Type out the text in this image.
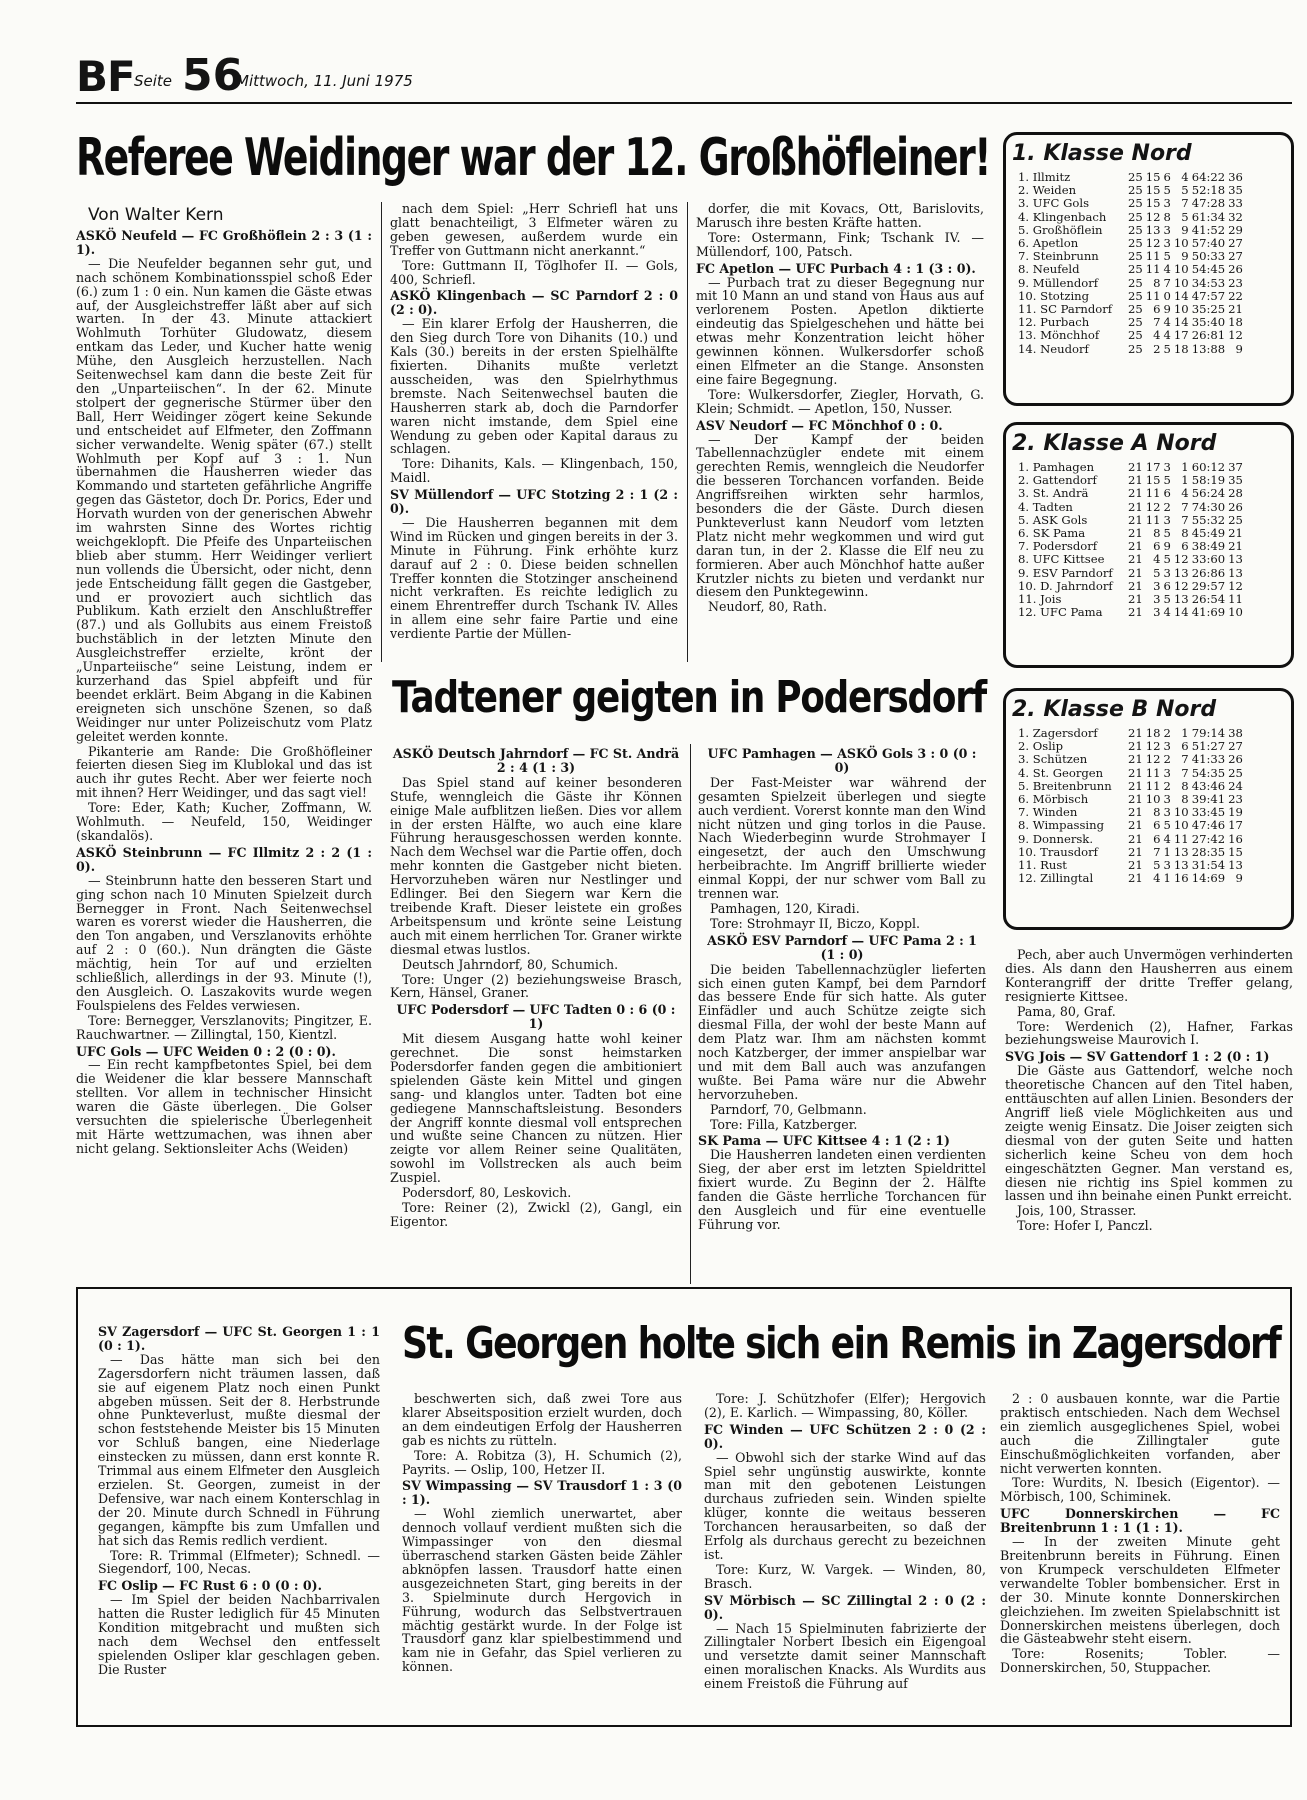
BF Seite 56
Mittwoch, 11. Juni 1975
Referee Weidinger war der 12. Großhöfleiner!

Von Walter Kern

ASKÖ Neufeld — FC Großhöflein 2 : 3 (1 : 1).

— Die Neufelder begannen sehr gut, und nach schönem Kombinationsspiel schoß Eder (6.) zum 1 : 0 ein. Nun kamen die Gäste etwas auf, der Ausgleichstreffer läßt aber auf sich warten. In der 43. Minute attackiert Wohlmuth Torhüter Gludowatz, diesem entkam das Leder, und Kucher hatte wenig Mühe, den Ausgleich herzustellen. Nach Seitenwechsel kam dann die beste Zeit für den „Unparteiischen“. In der 62. Minute stolpert der gegnerische Stürmer über den Ball, Herr Weidinger zögert keine Sekunde und entscheidet auf Elfmeter, den Zoffmann sicher verwandelte. Wenig später (67.) stellt Wohlmuth per Kopf auf 3 : 1. Nun übernahmen die Hausherren wieder das Kommando und starteten gefährliche Angriffe gegen das Gästetor, doch Dr. Porics, Eder und Horvath wurden von der generischen Abwehr im wahrsten Sinne des Wortes richtig weichgeklopft. Die Pfeife des Unparteiischen blieb aber stumm. Herr Weidinger verliert nun vollends die Übersicht, oder nicht, denn jede Entscheidung fällt gegen die Gastgeber, und er provoziert auch sichtlich das Publikum. Kath erzielt den Anschlußtreffer (87.) und als Gollubits aus einem Freistoß buchstäblich in der letzten Minute den Ausgleichstreffer erzielte, krönt der „Unparteiische“ seine Leistung, indem er kurzerhand das Spiel abpfeift und für beendet erklärt. Beim Abgang in die Kabinen ereigneten sich unschöne Szenen, so daß Weidinger nur unter Polizeischutz vom Platz geleitet werden konnte.

Pikanterie am Rande: Die Großhöfleiner feierten diesen Sieg im Klublokal und das ist auch ihr gutes Recht. Aber wer feierte noch mit ihnen? Herr Weidinger, und das sagt viel!

Tore: Eder, Kath; Kucher, Zoffmann, W. Wohlmuth. — Neufeld, 150, Weidinger (skandalös).

ASKÖ Steinbrunn — FC Illmitz 2 : 2 (1 : 0).

— Steinbrunn hatte den besseren Start und ging schon nach 10 Minuten Spielzeit durch Bernegger in Front. Nach Seitenwechsel waren es vorerst wieder die Hausherren, die den Ton angaben, und Verszlanovits erhöhte auf 2 : 0 (60.). Nun drängten die Gäste mächtig, hein Tor auf und erzielten schließlich, allerdings in der 93. Minute (!), den Ausgleich. O. Laszakovits wurde wegen Foulspielens des Feldes verwiesen.

Tore: Bernegger, Verszlanovits; Pingitzer, E. Rauchwartner. — Zillingtal, 150, Kientzl.

UFC Gols — UFC Weiden 0 : 2 (0 : 0).

— Ein recht kampfbetontes Spiel, bei dem die Weidener die klar bessere Mannschaft stellten. Vor allem in technischer Hinsicht waren die Gäste überlegen. Die Golser versuchten die spielerische Überlegenheit mit Härte wettzumachen, was ihnen aber nicht gelang. Sektionsleiter Achs (Weiden)

nach dem Spiel: „Herr Schriefl hat uns glatt benachteiligt, 3 Elfmeter wären zu geben gewesen, außerdem wurde ein Treffer von Guttmann nicht anerkannt.“

Tore: Guttmann II, Töglhofer II. — Gols, 400, Schriefl.

ASKÖ Klingenbach — SC Parndorf 2 : 0 (2 : 0).

— Ein klarer Erfolg der Hausherren, die den Sieg durch Tore von Dihanits (10.) und Kals (30.) bereits in der ersten Spielhälfte fixierten. Dihanits mußte verletzt ausscheiden, was den Spielrhythmus bremste. Nach Seitenwechsel bauten die Hausherren stark ab, doch die Parndorfer waren nicht imstande, dem Spiel eine Wendung zu geben oder Kapital daraus zu schlagen.

Tore: Dihanits, Kals. — Klingenbach, 150, Maidl.

SV Müllendorf — UFC Stotzing 2 : 1 (2 : 0).

— Die Hausherren begannen mit dem Wind im Rücken und gingen bereits in der 3. Minute in Führung. Fink erhöhte kurz darauf auf 2 : 0. Diese beiden schnellen Treffer konnten die Stotzinger anscheinend nicht verkraften. Es reichte lediglich zu einem Ehrentreffer durch Tschank IV. Alles in allem eine sehr faire Partie und eine verdiente Partie der Müllen-

dorfer, die mit Kovacs, Ott, Barislovits, Marusch ihre besten Kräfte hatten.

Tore: Ostermann, Fink; Tschank IV. — Müllendorf, 100, Patsch.

FC Apetlon — UFC Purbach 4 : 1 (3 : 0).

— Purbach trat zu dieser Begegnung nur mit 10 Mann an und stand von Haus aus auf verlorenem Posten. Apetlon diktierte eindeutig das Spielgeschehen und hätte bei etwas mehr Konzentration leicht höher gewinnen können. Wulkersdorfer schoß einen Elfmeter an die Stange. Ansonsten eine faire Begegnung.

Tore: Wulkersdorfer, Ziegler, Horvath, G. Klein; Schmidt. — Apetlon, 150, Nusser.

ASV Neudorf — FC Mönchhof 0 : 0.

— Der Kampf der beiden Tabellennachzügler endete mit einem gerechten Remis, wenngleich die Neudorfer die besseren Torchancen vorfanden. Beide Angriffsreihen wirkten sehr harmlos, besonders die der Gäste. Durch diesen Punkteverlust kann Neudorf vom letzten Platz nicht mehr wegkommen und wird gut daran tun, in der 2. Klasse die Elf neu zu formieren. Aber auch Mönchhof hatte außer Krutzler nichts zu bieten und verdankt nur diesem den Punktegewinn.

Neudorf, 80, Rath.

1. Klasse Nord
1. Illmitz	25	15	6	4	64:22	36
2. Weiden	25	15	5	5	52:18	35
3. UFC Gols	25	15	3	7	47:28	33
4. Klingenbach	25	12	8	5	61:34	32
5. Großhöflein	25	13	3	9	41:52	29
6. Apetlon	25	12	3	10	57:40	27
7. Steinbrunn	25	11	5	9	50:33	27
8. Neufeld	25	11	4	10	54:45	26
9. Müllendorf	25	8	7	10	34:53	23
10. Stotzing	25	11	0	14	47:57	22
11. SC Parndorf	25	6	9	10	35:25	21
12. Purbach	25	7	4	14	35:40	18
13. Mönchhof	25	4	4	17	26:81	12
14. Neudorf	25	2	5	18	13:88	9
2. Klasse A Nord
1. Pamhagen	21	17	3	1	60:12	37
2. Gattendorf	21	15	5	1	58:19	35
3. St. Andrä	21	11	6	4	56:24	28
4. Tadten	21	12	2	7	74:30	26
5. ASK Gols	21	11	3	7	55:32	25
6. SK Pama	21	8	5	8	45:49	21
7. Podersdorf	21	6	9	6	38:49	21
8. UFC Kittsee	21	4	5	12	33:60	13
9. ESV Parndorf	21	5	3	13	26:86	13
10. D. Jahrndorf	21	3	6	12	29:57	12
11. Jois	21	3	5	13	26:54	11
12. UFC Pama	21	3	4	14	41:69	10
2. Klasse B Nord
1. Zagersdorf	21	18	2	1	79:14	38
2. Oslip	21	12	3	6	51:27	27
3. Schützen	21	12	2	7	41:33	26
4. St. Georgen	21	11	3	7	54:35	25
5. Breitenbrunn	21	11	2	8	43:46	24
6. Mörbisch	21	10	3	8	39:41	23
7. Winden	21	8	3	10	33:45	19
8. Wimpassing	21	6	5	10	47:46	17
9. Donnersk.	21	6	4	11	27:42	16
10. Trausdorf	21	7	1	13	28:35	15
11. Rust	21	5	3	13	31:54	13
12. Zillingtal	21	4	1	16	14:69	9
Tadtener geigten in Podersdorf

ASKÖ Deutsch Jahrndorf — FC St. Andrä 2 : 4 (1 : 3)

Das Spiel stand auf keiner besonderen Stufe, wenngleich die Gäste ihr Können einige Male aufblitzen ließen. Dies vor allem in der ersten Hälfte, wo auch eine klare Führung herausgeschossen werden konnte. Nach dem Wechsel war die Partie offen, doch mehr konnten die Gastgeber nicht bieten. Hervorzuheben wären nur Nestlinger und Edlinger. Bei den Siegern war Kern die treibende Kraft. Dieser leistete ein großes Arbeitspensum und krönte seine Leistung auch mit einem herrlichen Tor. Graner wirkte diesmal etwas lustlos.

Deutsch Jahrndorf, 80, Schumich.

Tore: Unger (2) beziehungsweise Brasch, Kern, Hänsel, Graner.

UFC Podersdorf — UFC Tadten 0 : 6 (0 : 1)

Mit diesem Ausgang hatte wohl keiner gerechnet. Die sonst heimstarken Podersdorfer fanden gegen die ambitioniert spielenden Gäste kein Mittel und gingen sang- und klanglos unter. Tadten bot eine gediegene Mannschaftsleistung. Besonders der Angriff konnte diesmal voll entsprechen und wußte seine Chancen zu nützen. Hier zeigte vor allem Reiner seine Qualitäten, sowohl im Vollstrecken als auch beim Zuspiel.

Podersdorf, 80, Leskovich.

Tore: Reiner (2), Zwickl (2), Gangl, ein Eigentor.

UFC Pamhagen — ASKÖ Gols 3 : 0 (0 : 0)

Der Fast-Meister war während der gesamten Spielzeit überlegen und siegte auch verdient. Vorerst konnte man den Wind nicht nützen und ging torlos in die Pause. Nach Wiederbeginn wurde Strohmayer I eingesetzt, der auch den Umschwung herbeibrachte. Im Angriff brillierte wieder einmal Koppi, der nur schwer vom Ball zu trennen war.

Pamhagen, 120, Kiradi.

Tore: Strohmayr II, Biczo, Koppl.

ASKÖ ESV Parndorf — UFC Pama 2 : 1 (1 : 0)

Die beiden Tabellennachzügler lieferten sich einen guten Kampf, bei dem Parndorf das bessere Ende für sich hatte. Als guter Einfädler und auch Schütze zeigte sich diesmal Filla, der wohl der beste Mann auf dem Platz war. Ihm am nächsten kommt noch Katzberger, der immer anspielbar war und mit dem Ball auch was anzufangen wußte. Bei Pama wäre nur die Abwehr hervorzuheben.

Parndorf, 70, Gelbmann.

Tore: Filla, Katzberger.

SK Pama — UFC Kittsee 4 : 1 (2 : 1)

Die Hausherren landeten einen verdienten Sieg, der aber erst im letzten Spieldrittel fixiert wurde. Zu Beginn der 2. Hälfte fanden die Gäste herrliche Torchancen für den Ausgleich und für eine eventuelle Führung vor.

Pech, aber auch Unvermögen verhinderten dies. Als dann den Hausherren aus einem Konterangriff der dritte Treffer gelang, resignierte Kittsee.

Pama, 80, Graf.

Tore: Werdenich (2), Hafner, Farkas beziehungsweise Maurovich I.

SVG Jois — SV Gattendorf 1 : 2 (0 : 1)

Die Gäste aus Gattendorf, welche noch theoretische Chancen auf den Titel haben, enttäuschten auf allen Linien. Besonders der Angriff ließ viele Möglichkeiten aus und zeigte wenig Einsatz. Die Joiser zeigten sich diesmal von der guten Seite und hatten sicherlich keine Scheu von dem hoch eingeschätzten Gegner. Man verstand es, diesen nie richtig ins Spiel kommen zu lassen und ihn beinahe einen Punkt erreicht.

Jois, 100, Strasser.

Tore: Hofer I, Panczl.

SV Zagersdorf — UFC St. Georgen 1 : 1 (0 : 1).

— Das hätte man sich bei den Zagersdorfern nicht träumen lassen, daß sie auf eigenem Platz noch einen Punkt abgeben müssen. Seit der 8. Herbstrunde ohne Punkteverlust, mußte diesmal der schon feststehende Meister bis 15 Minuten vor Schluß bangen, eine Niederlage einstecken zu müssen, dann erst konnte R. Trimmal aus einem Elfmeter den Ausgleich erzielen. St. Georgen, zumeist in der Defensive, war nach einem Konterschlag in der 20. Minute durch Schnedl in Führung gegangen, kämpfte bis zum Umfallen und hat sich das Remis redlich verdient.

Tore: R. Trimmal (Elfmeter); Schnedl. — Siegendorf, 100, Necas.

FC Oslip — FC Rust 6 : 0 (0 : 0).

— Im Spiel der beiden Nachbarrivalen hatten die Ruster lediglich für 45 Minuten Kondition mitgebracht und mußten sich nach dem Wechsel den entfesselt spielenden Osliper klar geschlagen geben. Die Ruster

St. Georgen holte sich ein Remis in Zagersdorf

beschwerten sich, daß zwei Tore aus klarer Abseitsposition erzielt wurden, doch an dem eindeutigen Erfolg der Hausherren gab es nichts zu rütteln.

Tore: A. Robitza (3), H. Schumich (2), Payrits. — Oslip, 100, Hetzer II.

SV Wimpassing — SV Trausdorf 1 : 3 (0 : 1).

— Wohl ziemlich unerwartet, aber dennoch vollauf verdient mußten sich die Wimpassinger von den diesmal überraschend starken Gästen beide Zähler abknöpfen lassen. Trausdorf hatte einen ausgezeichneten Start, ging bereits in der 3. Spielminute durch Hergovich in Führung, wodurch das Selbstvertrauen mächtig gestärkt wurde. In der Folge ist Trausdorf ganz klar spielbestimmend und kam nie in Gefahr, das Spiel verlieren zu können.

Tore: J. Schützhofer (Elfer); Hergovich (2), E. Karlich. — Wimpassing, 80, Köller.

FC Winden — UFC Schützen 2 : 0 (2 : 0).

— Obwohl sich der starke Wind auf das Spiel sehr ungünstig auswirkte, konnte man mit den gebotenen Leistungen durchaus zufrieden sein. Winden spielte klüger, konnte die weitaus besseren Torchancen herausarbeiten, so daß der Erfolg als durchaus gerecht zu bezeichnen ist.

Tore: Kurz, W. Vargek. — Winden, 80, Brasch.

SV Mörbisch — SC Zillingtal 2 : 0 (2 : 0).

— Nach 15 Spielminuten fabrizierte der Zillingtaler Norbert Ibesich ein Eigengoal und versetzte damit seiner Mannschaft einen moralischen Knacks. Als Wurdits aus einem Freistoß die Führung auf

2 : 0 ausbauen konnte, war die Partie praktisch entschieden. Nach dem Wechsel ein ziemlich ausgeglichenes Spiel, wobei auch die Zillingtaler gute Einschußmöglichkeiten vorfanden, aber nicht verwerten konnten.

Tore: Wurdits, N. Ibesich (Eigentor). — Mörbisch, 100, Schiminek.

UFC Donnerskirchen — FC Breitenbrunn 1 : 1 (1 : 1).

— In der zweiten Minute geht Breitenbrunn bereits in Führung. Einen von Krumpeck verschuldeten Elfmeter verwandelte Tobler bombensicher. Erst in der 30. Minute konnte Donnerskirchen gleichziehen. Im zweiten Spielabschnitt ist Donnerskirchen meistens überlegen, doch die Gästeabwehr steht eisern.

Tore: Rosenits; Tobler. — Donnerskirchen, 50, Stuppacher.
